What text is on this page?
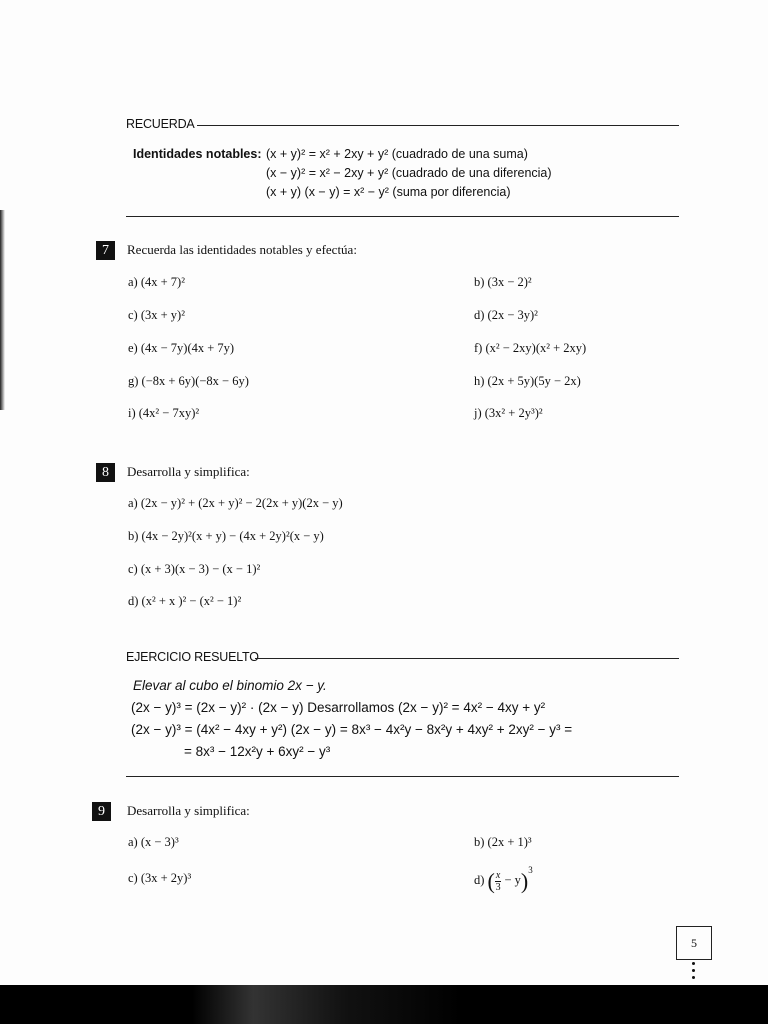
RECUERDA
Identidades notables: (x + y)² = x² + 2xy + y² (cuadrado de una suma)
(x − y)² = x² − 2xy + y² (cuadrado de una diferencia)
(x + y) (x − y) = x² − y² (suma por diferencia)
7	Recuerda las identidades notables y efectúa:
a) (4x + 7)²	b) (3x − 2)²
c) (3x + y)²	d) (2x − 3y)²
e) (4x − 7y)(4x + 7y)	f) (x² − 2xy)(x² + 2xy)
g) (−8x + 6y)(−8x − 6y)	h) (2x + 5y)(5y − 2x)
i) (4x² − 7xy)²	j) (3x² + 2y³)²
8	Desarrolla y simplifica:
a) (2x − y)² + (2x + y)² − 2(2x + y)(2x − y)
b) (4x − 2y)²(x + y) − (4x + 2y)²(x − y)
c) (x + 3)(x − 3) − (x − 1)²
d) (x² + x )² − (x² − 1)²
EJERCICIO RESUELTO
Elevar al cubo el binomio 2x − y.
(2x − y)³ = (2x − y)² · (2x − y) Desarrollamos (2x − y)² = 4x² − 4xy + y²
(2x − y)³ = (4x² − 4xy + y²) (2x − y) = 8x³ − 4x²y − 8x²y + 4xy² + 2xy² − y³ =
= 8x³ − 12x²y + 6xy² − y³
9	Desarrolla y simplifica:
a) (x − 3)³	b) (2x + 1)³
c) (3x + 2y)³	d) ( $\frac{x}{3} - y)^3$
5
